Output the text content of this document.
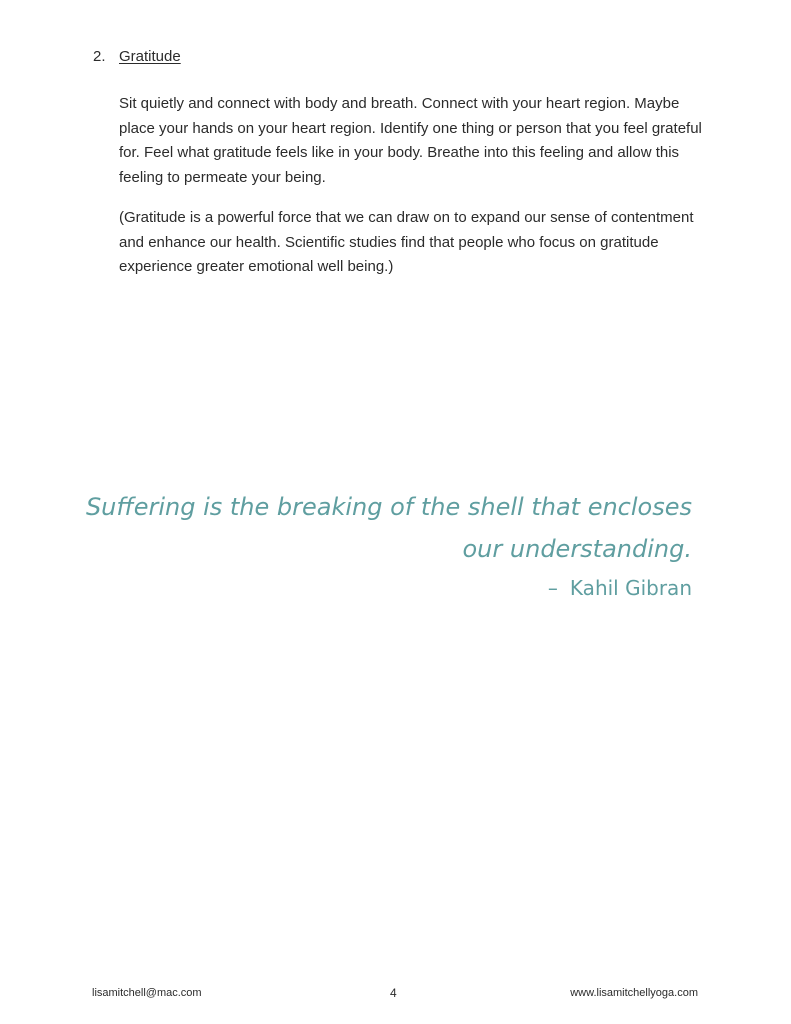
2. Gratitude

Sit quietly and connect with body and breath. Connect with your heart region. Maybe place your hands on your heart region. Identify one thing or person that you feel grateful for. Feel what gratitude feels like in your body. Breathe into this feeling and allow this feeling to permeate your being.

(Gratitude is a powerful force that we can draw on to expand our sense of contentment and enhance our health. Scientific studies find that people who focus on gratitude experience greater emotional well being.)

Suffering is the breaking of the shell that encloses
our understanding.
– Kahil Gibran
lisamitchell@mac.com	4	www.lisamitchellyoga.com
